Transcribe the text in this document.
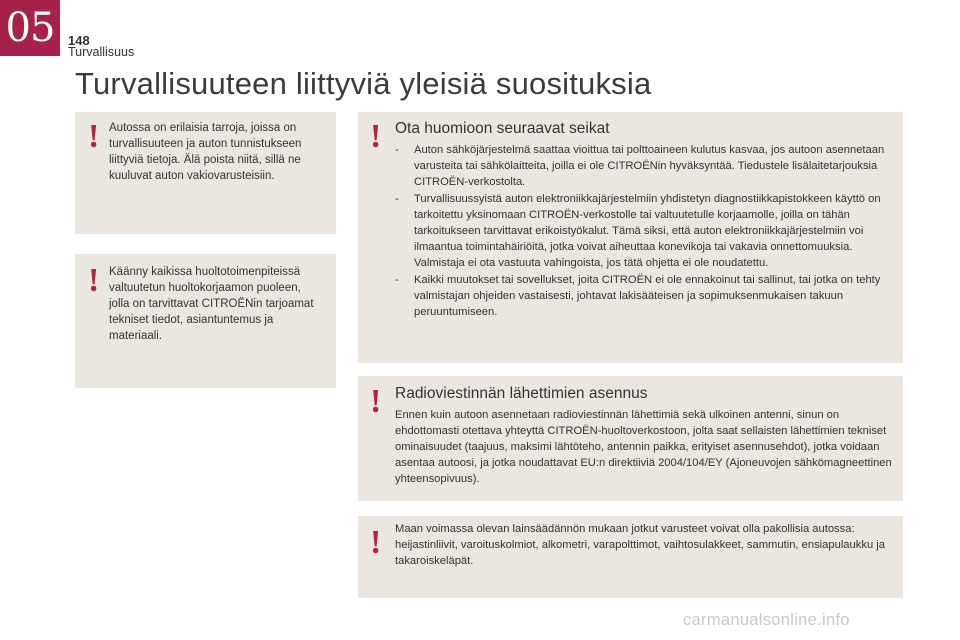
05	148
Turvallisuus
Turvallisuuteen liittyviä yleisiä suosituksia
! Autossa on erilaisia tarroja, joissa on turvallisuuteen ja auton tunnistukseen liittyviä tietoja. Älä poista niitä, sillä ne kuuluvat auton vakiovarusteisiin.
! Käänny kaikissa huoltotoimenpiteissä valtuutetun huoltokorjaamon puoleen, jolla on tarvittavat CITROËNin tarjoamat tekniset tiedot, asiantuntemus ja materiaali.
! Ota huomioon seuraavat seikat
- Auton sähköjärjestelmä saattaa vioittua tai polttoaineen kulutus kasvaa, jos autoon asennetaan varusteita tai sähkölaitteita, joilla ei ole CITROËNin hyväksyntää. Tiedustele lisälaitetarjouksia CITROËN-verkostolta.
- Turvallisuussyistä auton elektroniikkajärjestelmiin yhdistetyn diagnostiikkapistokkeen käyttö on tarkoitettu yksinomaan CITROËN-verkostolle tai valtuutetulle korjaamolle, joilla on tähän tarkoitukseen tarvittavat erikoistyökalut. Tämä siksi, että auton elektroniikkajärjestelmiin voi ilmaantua toimintahäiriöitä, jotka voivat aiheuttaa konevikoja tai vakavia onnettomuuksia. Valmistaja ei ota vastuuta vahingoista, jos tätä ohjetta ei ole noudatettu.
- Kaikki muutokset tai sovellukset, joita CITROËN ei ole ennakoinut tai sallinut, tai jotka on tehty valmistajan ohjeiden vastaisesti, johtavat lakisääteisen ja sopimuksenmukaisen takuun peruuntumiseen.
! Radioviestinnän lähettimien asennus
Ennen kuin autoon asennetaan radioviestinnän lähettimiä sekä ulkoinen antenni, sinun on ehdottomasti otettava yhteyttä CITROËN-huoltoverkostoon, jolta saat sellaisten lähettimien tekniset ominaisuudet (taajuus, maksimi lähtöteho, antennin paikka, erityiset asennusehdot), jotka voidaan asentaa autoosi, ja jotka noudattavat EU:n direktiiviä 2004/104/EY (Ajoneuvojen sähkömagneettinen yhteensopivuus).
! Maan voimassa olevan lainsäädännön mukaan jotkut varusteet voivat olla pakollisia autossa: heijastinliivit, varoituskolmiot, alkometri, varapolttimot, vaihtosulakkeet, sammutin, ensiapulaukku ja takaroiskeläpät.
carmanualsonline.info
